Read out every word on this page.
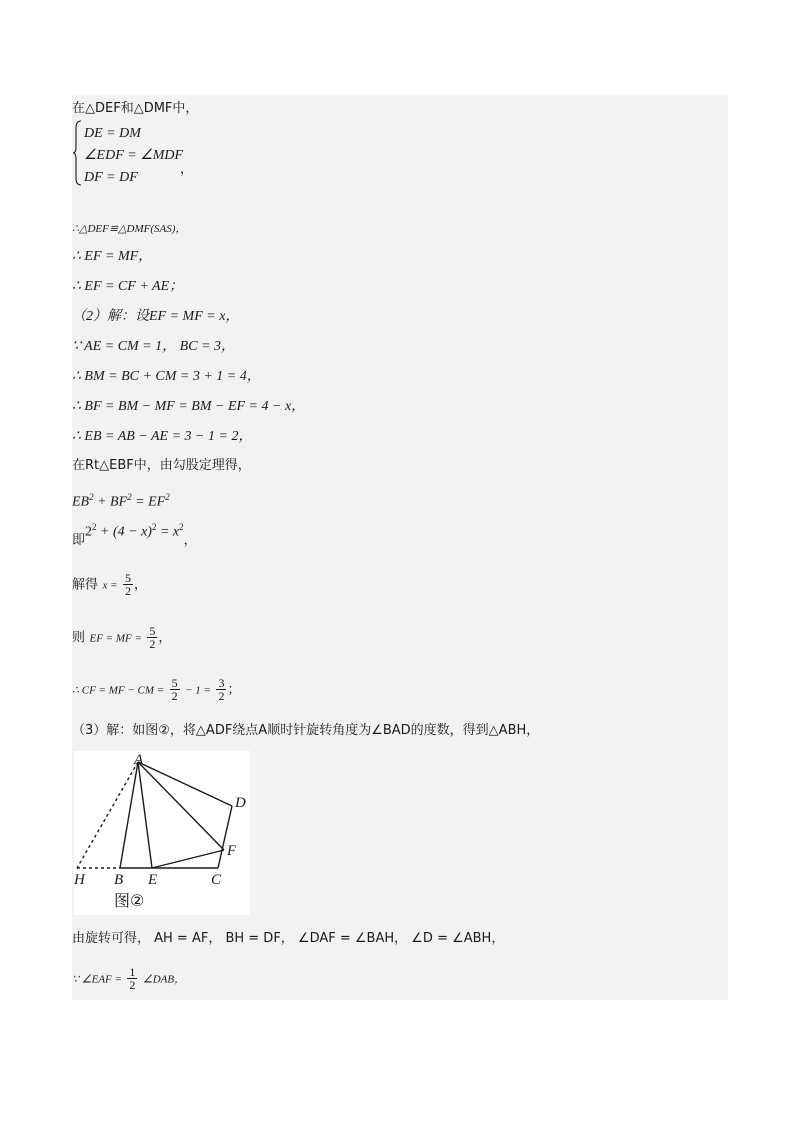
在△DEF和△DMF中，
DE = DM
∠EDF = ∠MDF
DF = DF
，
∴△DEF≌△DMF(SAS)，
∴ EF = MF，
∴ EF = CF + AE；
（2）解：设EF = MF = x，
∵ AE = CM = 1， BC = 3，
∴ BM = BC + CM = 3 + 1 = 4，
∴ BF = BM − MF = BM − EF = 4 − x，
∴ EB = AB − AE = 3 − 1 = 2，
在Rt△EBF中，由勾股定理得，
$EB^2 + BF^2 = EF^2$
即$2^2 + (4 - x)^2 = x^2$，
解得 $x = \frac{5}{2}$ ，
则 EF = MF = $\frac{5}{2}$ ，
∴ CF = MF − CM = $\frac{5}{2} - 1 = \frac{3}{2}$ ；
（3）解：如图②，将△ADF绕点A顺时针旋转角度为∠BAD的度数，得到△ABH，
A
B	C
D
E
F
H
图②
由旋转可得， AH = AF， BH = DF， ∠DAF = ∠BAH， ∠D = ∠ABH，
∵ ∠EAF = $\frac{1}{2}$ ∠DAB，
